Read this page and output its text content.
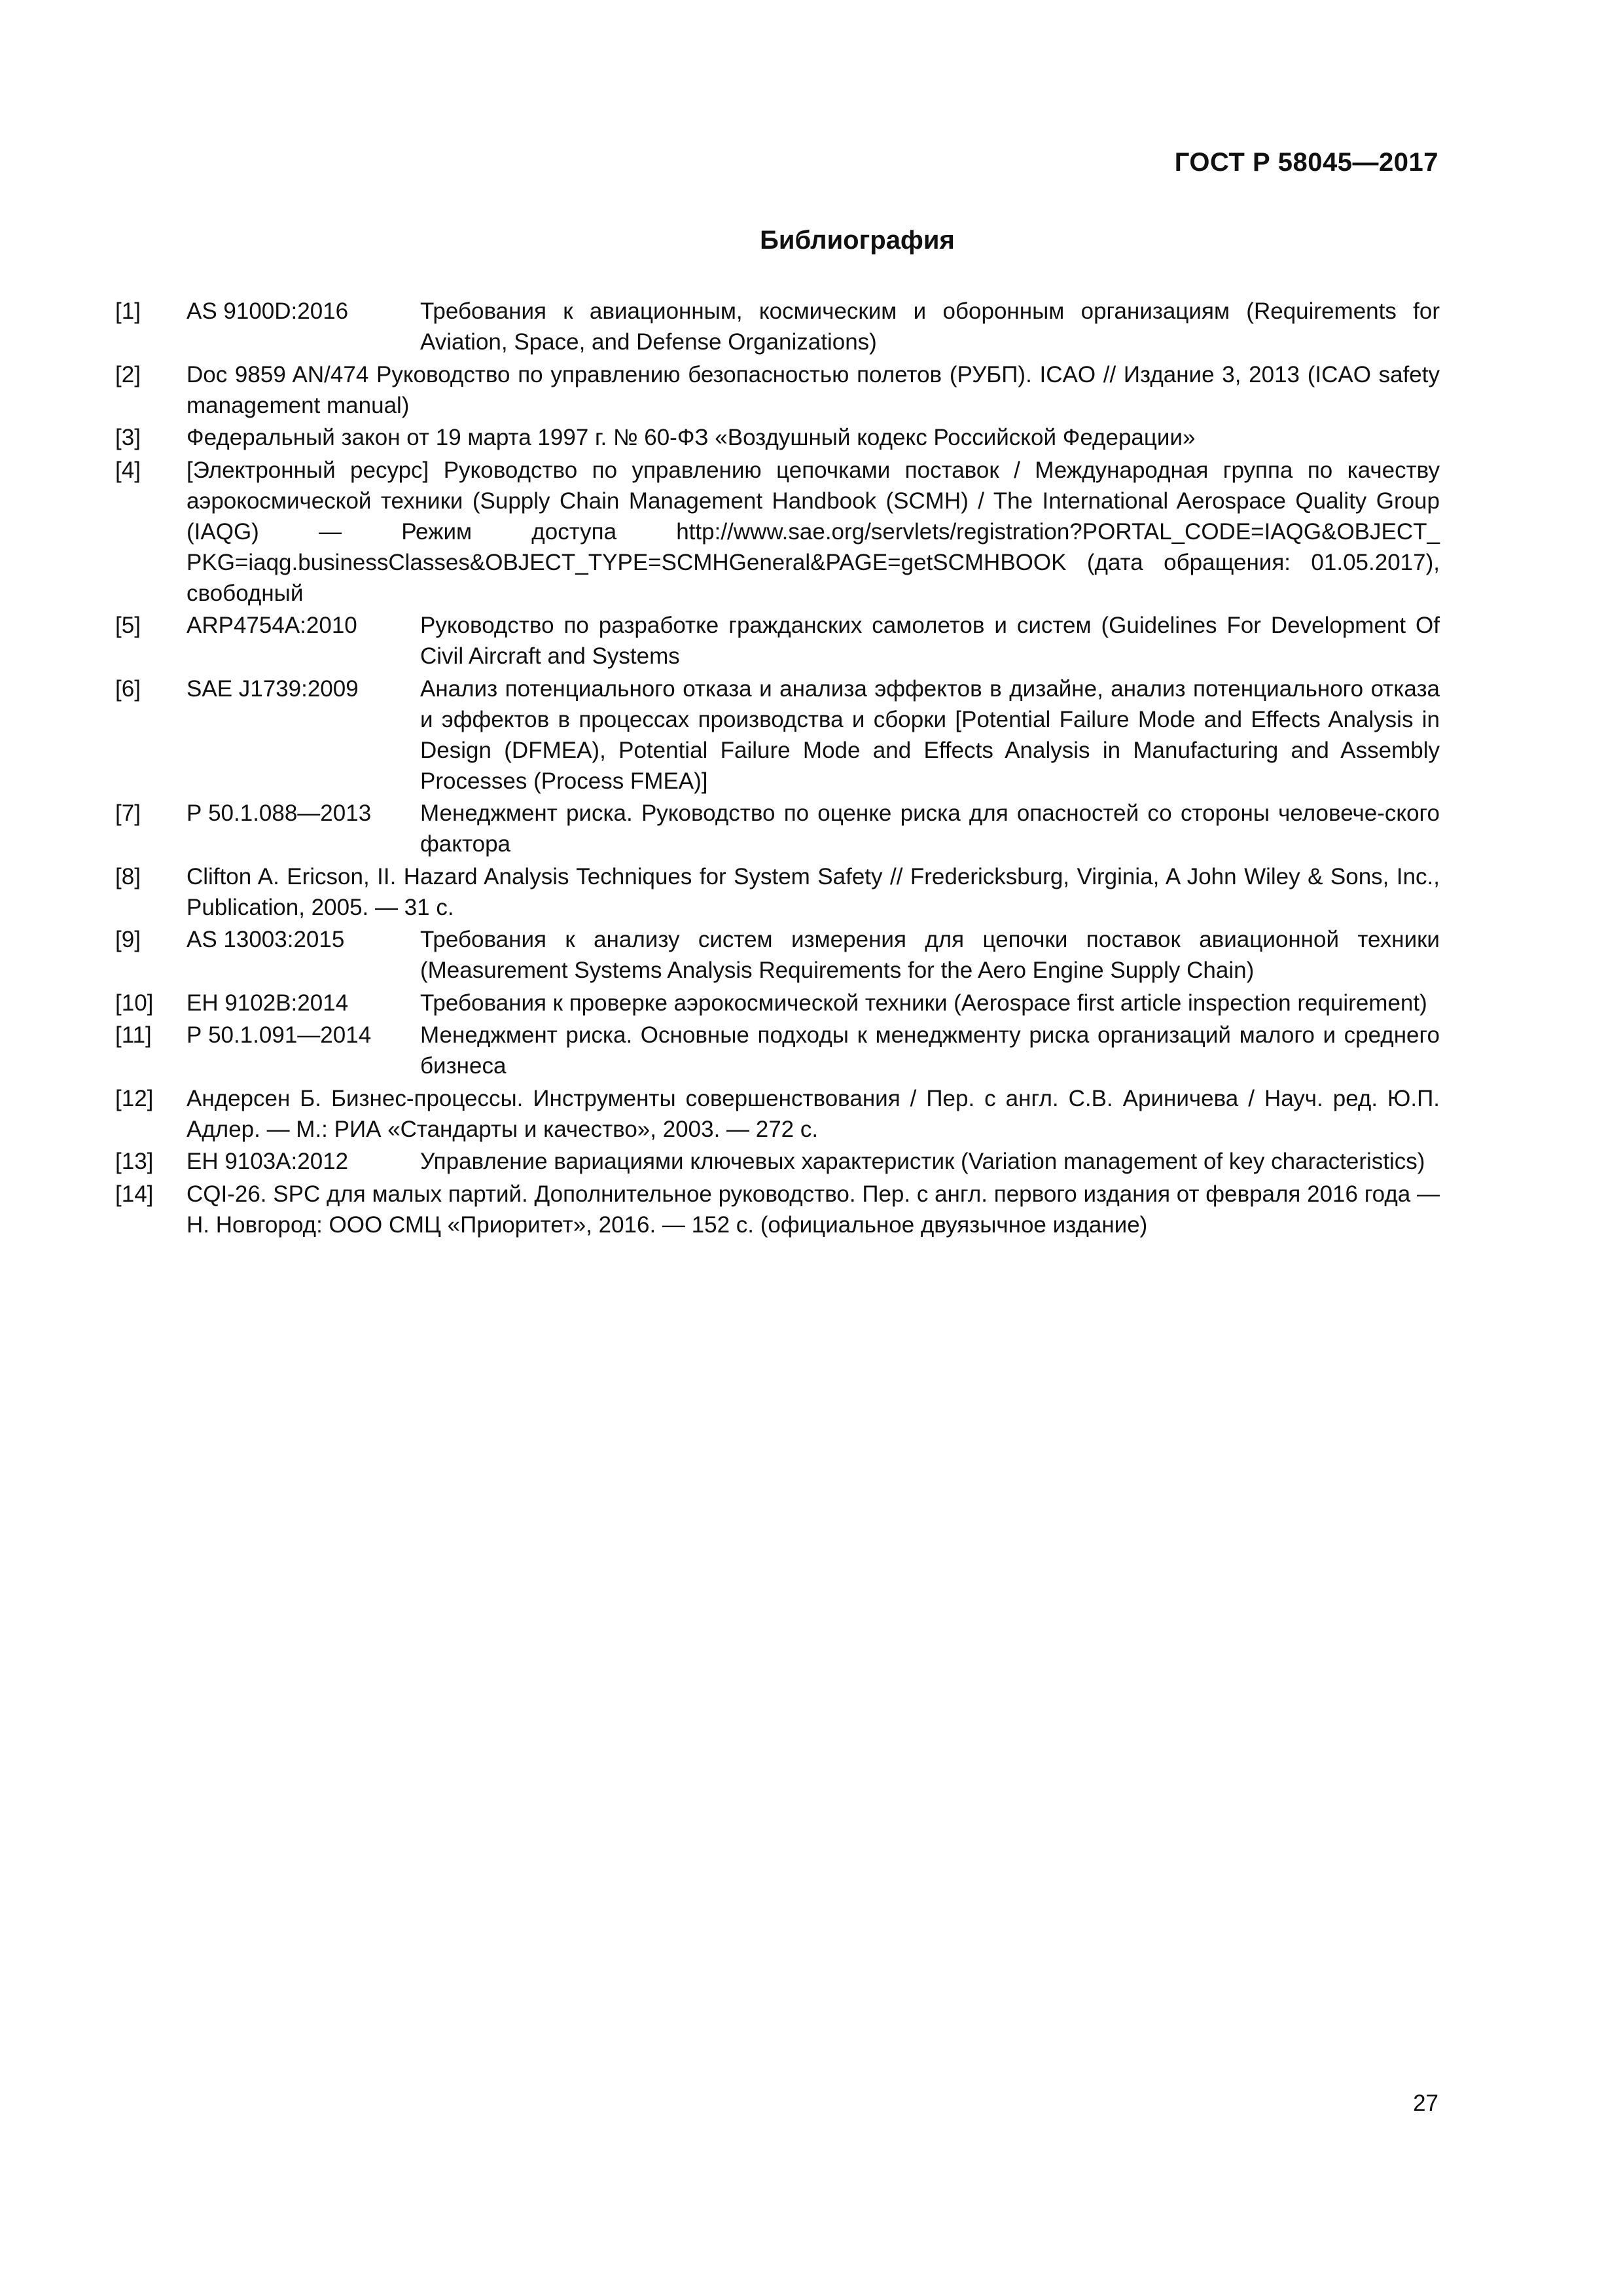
ГОСТ Р 58045—2017
Библиография
[1] AS 9100D:2016	Требования к авиационным, космическим и оборонным организациям (Requirements for Aviation, Space, and Defense Organizations)
[2] Doc 9859 AN/474 Руководство по управлению безопасностью полетов (РУБП). ICAO // Издание 3, 2013 (ICAO safety management manual)
[3] Федеральный закон от 19 марта 1997 г. № 60-ФЗ «Воздушный кодекс Российской Федерации»
[4] [Электронный ресурс] Руководство по управлению цепочками поставок / Международная группа по качеству аэрокосмической техники (Supply Chain Management Handbook (SCMH) / The International Aerospace Quality Group (IAQG) — Режим доступа http://www.sae.org/servlets/registration?PORTAL_CODE=IAQG&OBJECT_ PKG=iaqg.businessClasses&OBJECT_TYPE=SCMHGeneral&PAGE=getSCMHBOOK (дата обращения: 01.05.2017), свободный
[5] ARP4754A:2010	Руководство по разработке гражданских самолетов и систем (Guidelines For Development Of Civil Aircraft and Systems
[6] SAE J1739:2009	Анализ потенциального отказа и анализа эффектов в дизайне, анализ потенциального отказа и эффектов в процессах производства и сборки [Potential Failure Mode and Effects Analysis in Design (DFMEA), Potential Failure Mode and Effects Analysis in Manufacturing and Assembly Processes (Process FMEA)]
[7] Р 50.1.088—2013	Менеджмент риска. Руководство по оценке риска для опасностей со стороны человече-ского фактора
[8] Clifton A. Ericson, II. Hazard Analysis Techniques for System Safety // Fredericksburg, Virginia, A John Wiley & Sons, Inc., Publication, 2005. — 31 с.
[9] AS 13003:2015	Требования к анализу систем измерения для цепочки поставок авиационной техники (Measurement Systems Analysis Requirements for the Aero Engine Supply Chain)
[10] ЕН 9102В:2014	Требования к проверке аэрокосмической техники (Aerospace first article inspection requirement)
[11] Р 50.1.091—2014	Менеджмент риска. Основные подходы к менеджменту риска организаций малого и среднего бизнеса
[12] Андерсен Б. Бизнес-процессы. Инструменты совершенствования / Пер. с англ. С.В. Ариничева / Науч. ред. Ю.П. Адлер. — М.: РИА «Стандарты и качество», 2003. — 272 с.
[13] ЕН 9103А:2012	Управление вариациями ключевых характеристик (Variation management of key characteristics)
[14] CQI-26. SPC для малых партий. Дополнительное руководство. Пер. с англ. первого издания от февраля 2016 года — Н. Новгород: ООО СМЦ «Приоритет», 2016. — 152 с. (официальное двуязычное издание)
27
